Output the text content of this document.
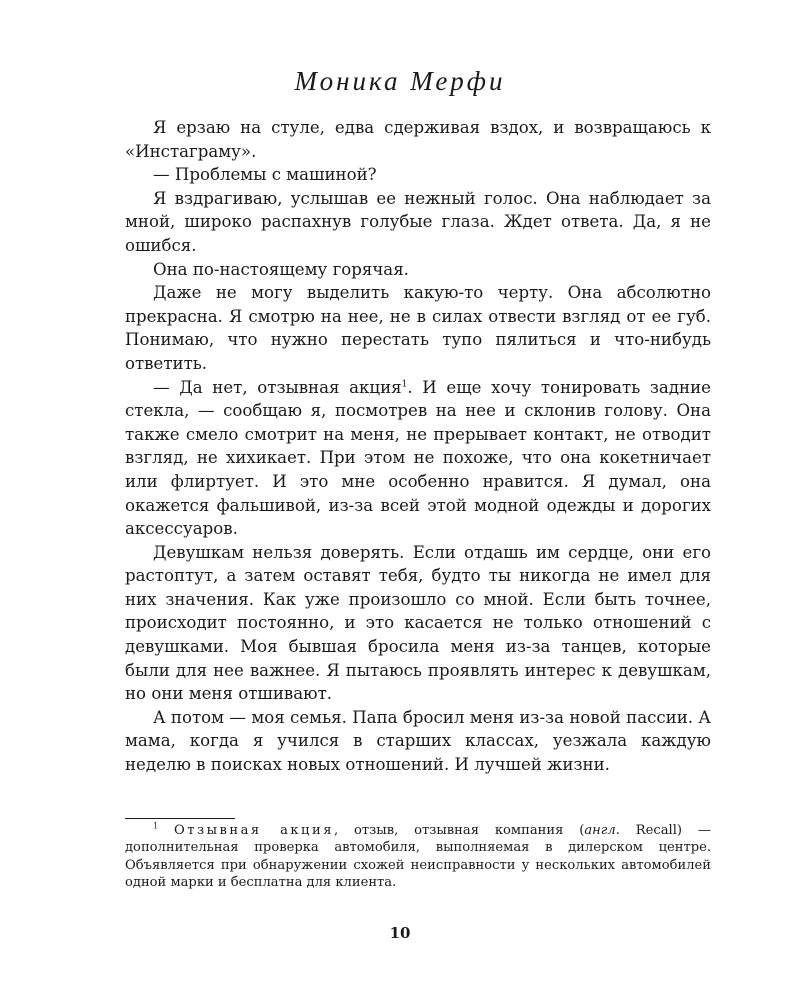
Моника Мерфи

Я ерзаю на стуле, едва сдерживая вздох, и возвращаюсь к «Инстаграму».

— Проблемы с машиной?

Я вздрагиваю, услышав ее нежный голос. Она наблюдает за мной, широко распахнув голубые глаза. Ждет ответа. Да, я не ошибся.

Она по-настоящему горячая.

Даже не могу выделить какую-то черту. Она абсолютно прекрасна. Я смотрю на нее, не в силах отвести взгляд от ее губ. Понимаю, что нужно перестать тупо пялиться и что-нибудь ответить.

— Да нет, отзывная акция$^1$. И еще хочу тонировать задние стекла, — сообщаю я, посмотрев на нее и склонив голову. Она также смело смотрит на меня, не прерывает контакт, не отводит взгляд, не хихикает. При этом не похоже, что она кокетничает или флиртует. И это мне особенно нравится. Я думал, она окажется фальшивой, из-за всей этой модной одежды и дорогих аксессуаров.

Девушкам нельзя доверять. Если отдашь им сердце, они его растоптут, а затем оставят тебя, будто ты никогда не имел для них значения. Как уже произошло со мной. Если быть точнее, происходит постоянно, и это касается не только отношений с девушками. Моя бывшая бросила меня из-за танцев, которые были для нее важнее. Я пытаюсь проявлять интерес к девушкам, но они меня отшивают.

А потом — моя семья. Папа бросил меня из-за новой пассии. А мама, когда я учился в старших классах, уезжала каждую неделю в поисках новых отношений. И лучшей жизни.

$^1$ Отзывная акция, отзыв, отзывная компания (англ. Recall) — дополнительная проверка автомобиля, выполняемая в дилерском центре. Объявляется при обнаружении схожей неисправности у нескольких автомобилей одной марки и бесплатна для клиента.

10
